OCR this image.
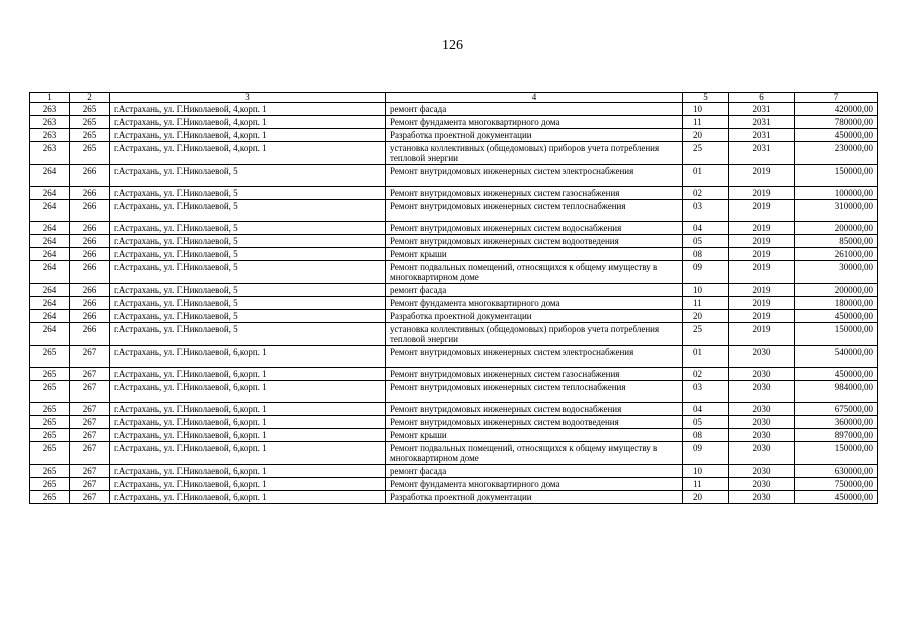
126
1	2	3	4	5	6	7
263	265	г.Астрахань, ул. Г.Николаевой, 4,корп. 1	ремонт фасада	10	2031	420000,00
263	265	г.Астрахань, ул. Г.Николаевой, 4,корп. 1	Ремонт фундамента многоквартирного дома	11	2031	780000,00
263	265	г.Астрахань, ул. Г.Николаевой, 4,корп. 1	Разработка проектной документации	20	2031	450000,00
263	265	г.Астрахань, ул. Г.Николаевой, 4,корп. 1	установка коллективных (общедомовых) приборов учета потребления тепловой энергии	25	2031	230000,00
264	266	г.Астрахань, ул. Г.Николаевой, 5	Ремонт внутридомовых инженерных систем электроснабжения	01	2019	150000,00
264	266	г.Астрахань, ул. Г.Николаевой, 5	Ремонт внутридомовых инженерных систем газоснабжения	02	2019	100000,00
264	266	г.Астрахань, ул. Г.Николаевой, 5	Ремонт внутридомовых инженерных систем теплоснабжения	03	2019	310000,00
264	266	г.Астрахань, ул. Г.Николаевой, 5	Ремонт внутридомовых инженерных систем водоснабжения	04	2019	200000,00
264	266	г.Астрахань, ул. Г.Николаевой, 5	Ремонт внутридомовых инженерных систем водоотведения	05	2019	85000,00
264	266	г.Астрахань, ул. Г.Николаевой, 5	Ремонт крыши	08	2019	261000,00
264	266	г.Астрахань, ул. Г.Николаевой, 5	Ремонт подвальных помещений, относящихся к общему имуществу в многоквартирном доме	09	2019	30000,00
264	266	г.Астрахань, ул. Г.Николаевой, 5	ремонт фасада	10	2019	200000,00
264	266	г.Астрахань, ул. Г.Николаевой, 5	Ремонт фундамента многоквартирного дома	11	2019	180000,00
264	266	г.Астрахань, ул. Г.Николаевой, 5	Разработка проектной документации	20	2019	450000,00
264	266	г.Астрахань, ул. Г.Николаевой, 5	установка коллективных (общедомовых) приборов учета потребления тепловой энергии	25	2019	150000,00
265	267	г.Астрахань, ул. Г.Николаевой, 6,корп. 1	Ремонт внутридомовых инженерных систем электроснабжения	01	2030	540000,00
265	267	г.Астрахань, ул. Г.Николаевой, 6,корп. 1	Ремонт внутридомовых инженерных систем газоснабжения	02	2030	450000,00
265	267	г.Астрахань, ул. Г.Николаевой, 6,корп. 1	Ремонт внутридомовых инженерных систем теплоснабжения	03	2030	984000,00
265	267	г.Астрахань, ул. Г.Николаевой, 6,корп. 1	Ремонт внутридомовых инженерных систем водоснабжения	04	2030	675000,00
265	267	г.Астрахань, ул. Г.Николаевой, 6,корп. 1	Ремонт внутридомовых инженерных систем водоотведения	05	2030	360000,00
265	267	г.Астрахань, ул. Г.Николаевой, 6,корп. 1	Ремонт крыши	08	2030	897000,00
265	267	г.Астрахань, ул. Г.Николаевой, 6,корп. 1	Ремонт подвальных помещений, относящихся к общему имуществу в многоквартирном доме	09	2030	150000,00
265	267	г.Астрахань, ул. Г.Николаевой, 6,корп. 1	ремонт фасада	10	2030	630000,00
265	267	г.Астрахань, ул. Г.Николаевой, 6,корп. 1	Ремонт фундамента многоквартирного дома	11	2030	750000,00
265	267	г.Астрахань, ул. Г.Николаевой, 6,корп. 1	Разработка проектной документации	20	2030	450000,00
